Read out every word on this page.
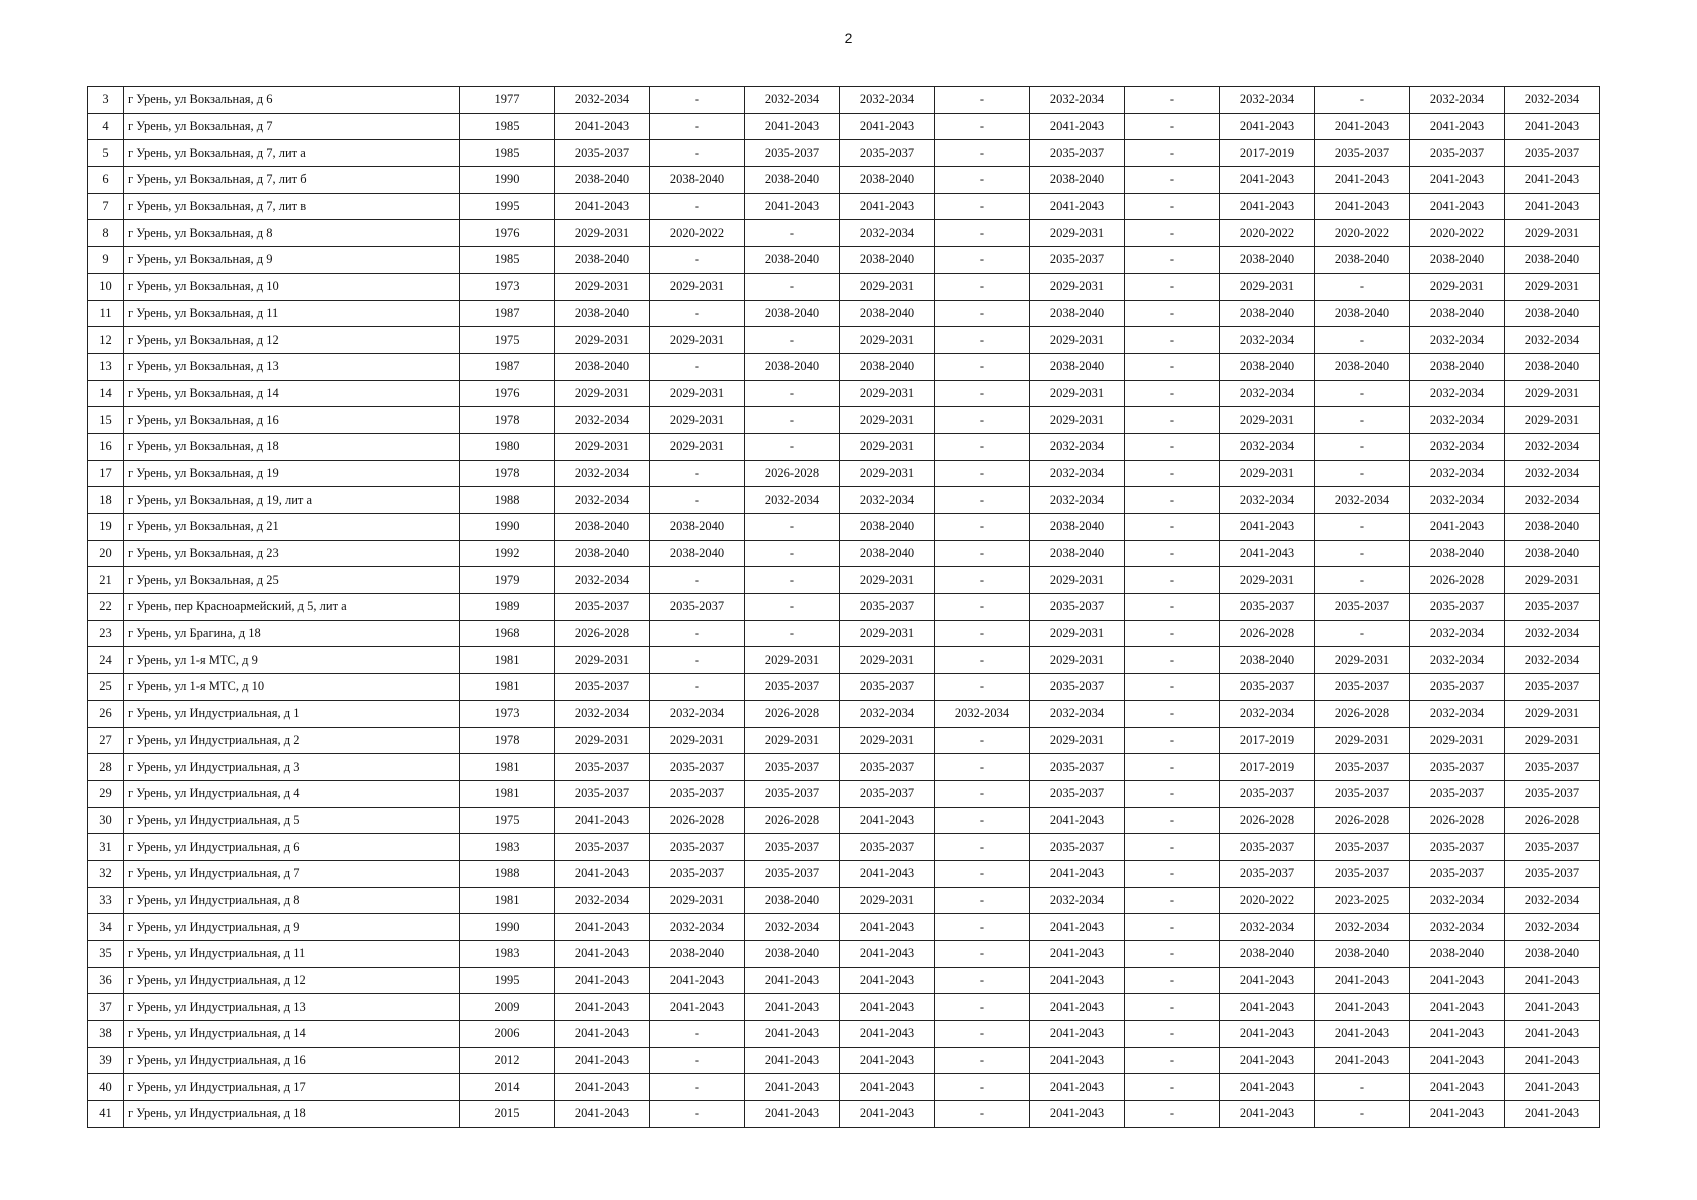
2
3	г Урень, ул Вокзальная, д 6	1977	2032-2034	-	2032-2034	2032-2034	-	2032-2034	-	2032-2034	-	2032-2034	2032-2034
4	г Урень, ул Вокзальная, д 7	1985	2041-2043	-	2041-2043	2041-2043	-	2041-2043	-	2041-2043	2041-2043	2041-2043	2041-2043
5	г Урень, ул Вокзальная, д 7, лит а	1985	2035-2037	-	2035-2037	2035-2037	-	2035-2037	-	2017-2019	2035-2037	2035-2037	2035-2037
6	г Урень, ул Вокзальная, д 7, лит б	1990	2038-2040	2038-2040	2038-2040	2038-2040	-	2038-2040	-	2041-2043	2041-2043	2041-2043	2041-2043
7	г Урень, ул Вокзальная, д 7, лит в	1995	2041-2043	-	2041-2043	2041-2043	-	2041-2043	-	2041-2043	2041-2043	2041-2043	2041-2043
8	г Урень, ул Вокзальная, д 8	1976	2029-2031	2020-2022	-	2032-2034	-	2029-2031	-	2020-2022	2020-2022	2020-2022	2029-2031
9	г Урень, ул Вокзальная, д 9	1985	2038-2040	-	2038-2040	2038-2040	-	2035-2037	-	2038-2040	2038-2040	2038-2040	2038-2040
10	г Урень, ул Вокзальная, д 10	1973	2029-2031	2029-2031	-	2029-2031	-	2029-2031	-	2029-2031	-	2029-2031	2029-2031
11	г Урень, ул Вокзальная, д 11	1987	2038-2040	-	2038-2040	2038-2040	-	2038-2040	-	2038-2040	2038-2040	2038-2040	2038-2040
12	г Урень, ул Вокзальная, д 12	1975	2029-2031	2029-2031	-	2029-2031	-	2029-2031	-	2032-2034	-	2032-2034	2032-2034
13	г Урень, ул Вокзальная, д 13	1987	2038-2040	-	2038-2040	2038-2040	-	2038-2040	-	2038-2040	2038-2040	2038-2040	2038-2040
14	г Урень, ул Вокзальная, д 14	1976	2029-2031	2029-2031	-	2029-2031	-	2029-2031	-	2032-2034	-	2032-2034	2029-2031
15	г Урень, ул Вокзальная, д 16	1978	2032-2034	2029-2031	-	2029-2031	-	2029-2031	-	2029-2031	-	2032-2034	2029-2031
16	г Урень, ул Вокзальная, д 18	1980	2029-2031	2029-2031	-	2029-2031	-	2032-2034	-	2032-2034	-	2032-2034	2032-2034
17	г Урень, ул Вокзальная, д 19	1978	2032-2034	-	2026-2028	2029-2031	-	2032-2034	-	2029-2031	-	2032-2034	2032-2034
18	г Урень, ул Вокзальная, д 19, лит а	1988	2032-2034	-	2032-2034	2032-2034	-	2032-2034	-	2032-2034	2032-2034	2032-2034	2032-2034
19	г Урень, ул Вокзальная, д 21	1990	2038-2040	2038-2040	-	2038-2040	-	2038-2040	-	2041-2043	-	2041-2043	2038-2040
20	г Урень, ул Вокзальная, д 23	1992	2038-2040	2038-2040	-	2038-2040	-	2038-2040	-	2041-2043	-	2038-2040	2038-2040
21	г Урень, ул Вокзальная, д 25	1979	2032-2034	-	-	2029-2031	-	2029-2031	-	2029-2031	-	2026-2028	2029-2031
22	г Урень, пер Красноармейский, д 5, лит а	1989	2035-2037	2035-2037	-	2035-2037	-	2035-2037	-	2035-2037	2035-2037	2035-2037	2035-2037
23	г Урень, ул Брагина, д 18	1968	2026-2028	-	-	2029-2031	-	2029-2031	-	2026-2028	-	2032-2034	2032-2034
24	г Урень, ул 1-я МТС, д 9	1981	2029-2031	-	2029-2031	2029-2031	-	2029-2031	-	2038-2040	2029-2031	2032-2034	2032-2034
25	г Урень, ул 1-я МТС, д 10	1981	2035-2037	-	2035-2037	2035-2037	-	2035-2037	-	2035-2037	2035-2037	2035-2037	2035-2037
26	г Урень, ул Индустриальная, д 1	1973	2032-2034	2032-2034	2026-2028	2032-2034	2032-2034	2032-2034	-	2032-2034	2026-2028	2032-2034	2029-2031
27	г Урень, ул Индустриальная, д 2	1978	2029-2031	2029-2031	2029-2031	2029-2031	-	2029-2031	-	2017-2019	2029-2031	2029-2031	2029-2031
28	г Урень, ул Индустриальная, д 3	1981	2035-2037	2035-2037	2035-2037	2035-2037	-	2035-2037	-	2017-2019	2035-2037	2035-2037	2035-2037
29	г Урень, ул Индустриальная, д 4	1981	2035-2037	2035-2037	2035-2037	2035-2037	-	2035-2037	-	2035-2037	2035-2037	2035-2037	2035-2037
30	г Урень, ул Индустриальная, д 5	1975	2041-2043	2026-2028	2026-2028	2041-2043	-	2041-2043	-	2026-2028	2026-2028	2026-2028	2026-2028
31	г Урень, ул Индустриальная, д 6	1983	2035-2037	2035-2037	2035-2037	2035-2037	-	2035-2037	-	2035-2037	2035-2037	2035-2037	2035-2037
32	г Урень, ул Индустриальная, д 7	1988	2041-2043	2035-2037	2035-2037	2041-2043	-	2041-2043	-	2035-2037	2035-2037	2035-2037	2035-2037
33	г Урень, ул Индустриальная, д 8	1981	2032-2034	2029-2031	2038-2040	2029-2031	-	2032-2034	-	2020-2022	2023-2025	2032-2034	2032-2034
34	г Урень, ул Индустриальная, д 9	1990	2041-2043	2032-2034	2032-2034	2041-2043	-	2041-2043	-	2032-2034	2032-2034	2032-2034	2032-2034
35	г Урень, ул Индустриальная, д 11	1983	2041-2043	2038-2040	2038-2040	2041-2043	-	2041-2043	-	2038-2040	2038-2040	2038-2040	2038-2040
36	г Урень, ул Индустриальная, д 12	1995	2041-2043	2041-2043	2041-2043	2041-2043	-	2041-2043	-	2041-2043	2041-2043	2041-2043	2041-2043
37	г Урень, ул Индустриальная, д 13	2009	2041-2043	2041-2043	2041-2043	2041-2043	-	2041-2043	-	2041-2043	2041-2043	2041-2043	2041-2043
38	г Урень, ул Индустриальная, д 14	2006	2041-2043	-	2041-2043	2041-2043	-	2041-2043	-	2041-2043	2041-2043	2041-2043	2041-2043
39	г Урень, ул Индустриальная, д 16	2012	2041-2043	-	2041-2043	2041-2043	-	2041-2043	-	2041-2043	2041-2043	2041-2043	2041-2043
40	г Урень, ул Индустриальная, д 17	2014	2041-2043	-	2041-2043	2041-2043	-	2041-2043	-	2041-2043	-	2041-2043	2041-2043
41	г Урень, ул Индустриальная, д 18	2015	2041-2043	-	2041-2043	2041-2043	-	2041-2043	-	2041-2043	-	2041-2043	2041-2043
